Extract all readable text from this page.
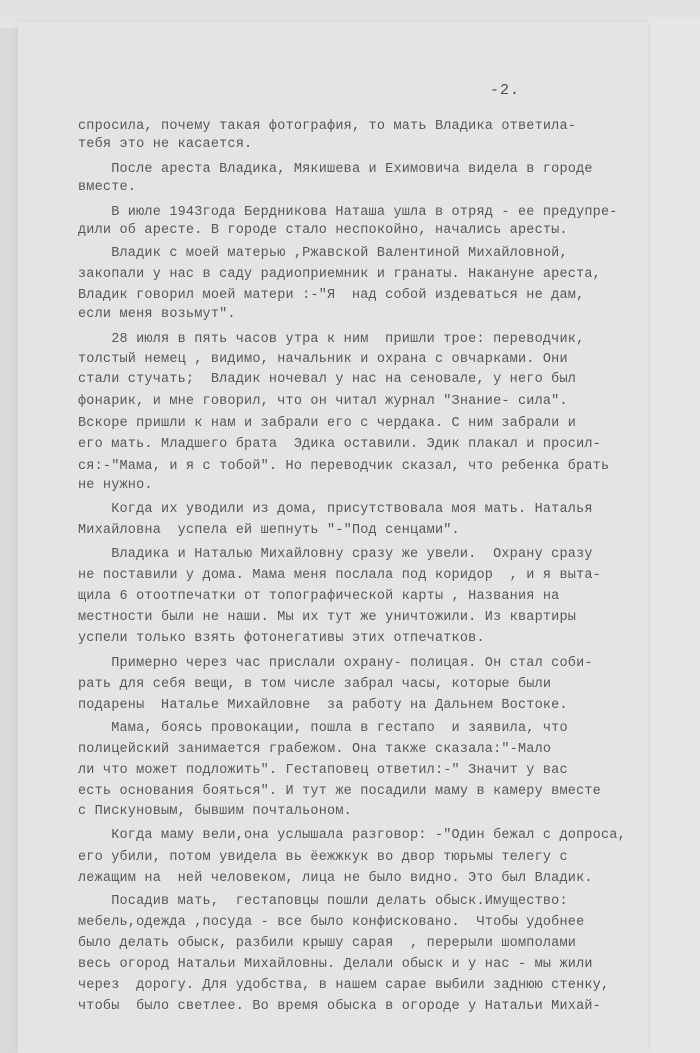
-2.
спросила, почему такая фотография, то мать Владика ответила-
тебя это не касается.
После ареста Владика, Мякишева и Ехимовича видела в городе
вместе.
В июле 1943года Бердникова Наташа ушла в отряд - ее предупре-
дили об аресте. В городе стало неспокойно, начались аресты.
Владик с моей матерью ,Ржавской Валентиной Михайловной,
закопали у нас в саду радиоприемник и гранаты. Накануне ареста,
Владик говорил моей матери :-"Я  над собой издеваться не дам,
если меня возьмут".
28 июля в пять часов утра к ним  пришли трое: переводчик,
толстый немец , видимо, начальник и охрана с овчарками. Они
стали стучать;  Владик ночевал у нас на сеновале, у него был
фонарик, и мне говорил, что он читал журнал "Знание- сила".
Вскоре пришли к нам и забрали его с чердака. С ним забрали и
его мать. Младшего брата  Эдика оставили. Эдик плакал и просил-
ся:-"Мама, и я с тобой". Но переводчик сказал, что ребенка брать
не нужно.
Когда их уводили из дома, присутствовала моя мать. Наталья
Михайловна  успела ей шепнуть "-"Под сенцами".
Владика и Наталью Михайловну сразу же увели.  Охрану сразу
не поставили у дома. Мама меня послала под коридор  , и я выта-
щила 6 отоотпечатки от топографической карты , Названия на
местности были не наши. Мы их тут же уничтожили. Из квартиры
успели только взять фотонегативы этих отпечатков.
Примерно через час прислали охрану- полицая. Он стал соби-
рать для себя вещи, в том числе забрал часы, которые были
подарены  Наталье Михайловне  за работу на Дальнем Востоке.
Мама, боясь провокации, пошла в гестапо  и заявила, что
полицейский занимается грабежом. Она также сказала:"-Мало
ли что может подложить". Гестаповец ответил:-" Значит у вас
есть основания бояться". И тут же посадили маму в камеру вместе
с Пискуновым, бывшим почтальоном.
Когда маму вели,она услышала разговор: -"Один бежал с допроса,
его убили, потом увидела вь ёежжкук во двор тюрьмы телегу с
лежащим на  ней человеком, лица не было видно. Это был Владик.
Посадив мать,  гестаповцы пошли делать обыск.Имущество:
мебель,одежда ,посуда - все было конфисковано.  Чтобы удобнее
было делать обыск, разбили крышу сарая  , перерыли шомполами
весь огород Натальи Михайловны. Делали обыск и у нас - мы жили
через  дорогу. Для удобства, в нашем сарае выбили заднюю стенку,
чтобы  было светлее. Во время обыска в огороде у Натальи Михай-
